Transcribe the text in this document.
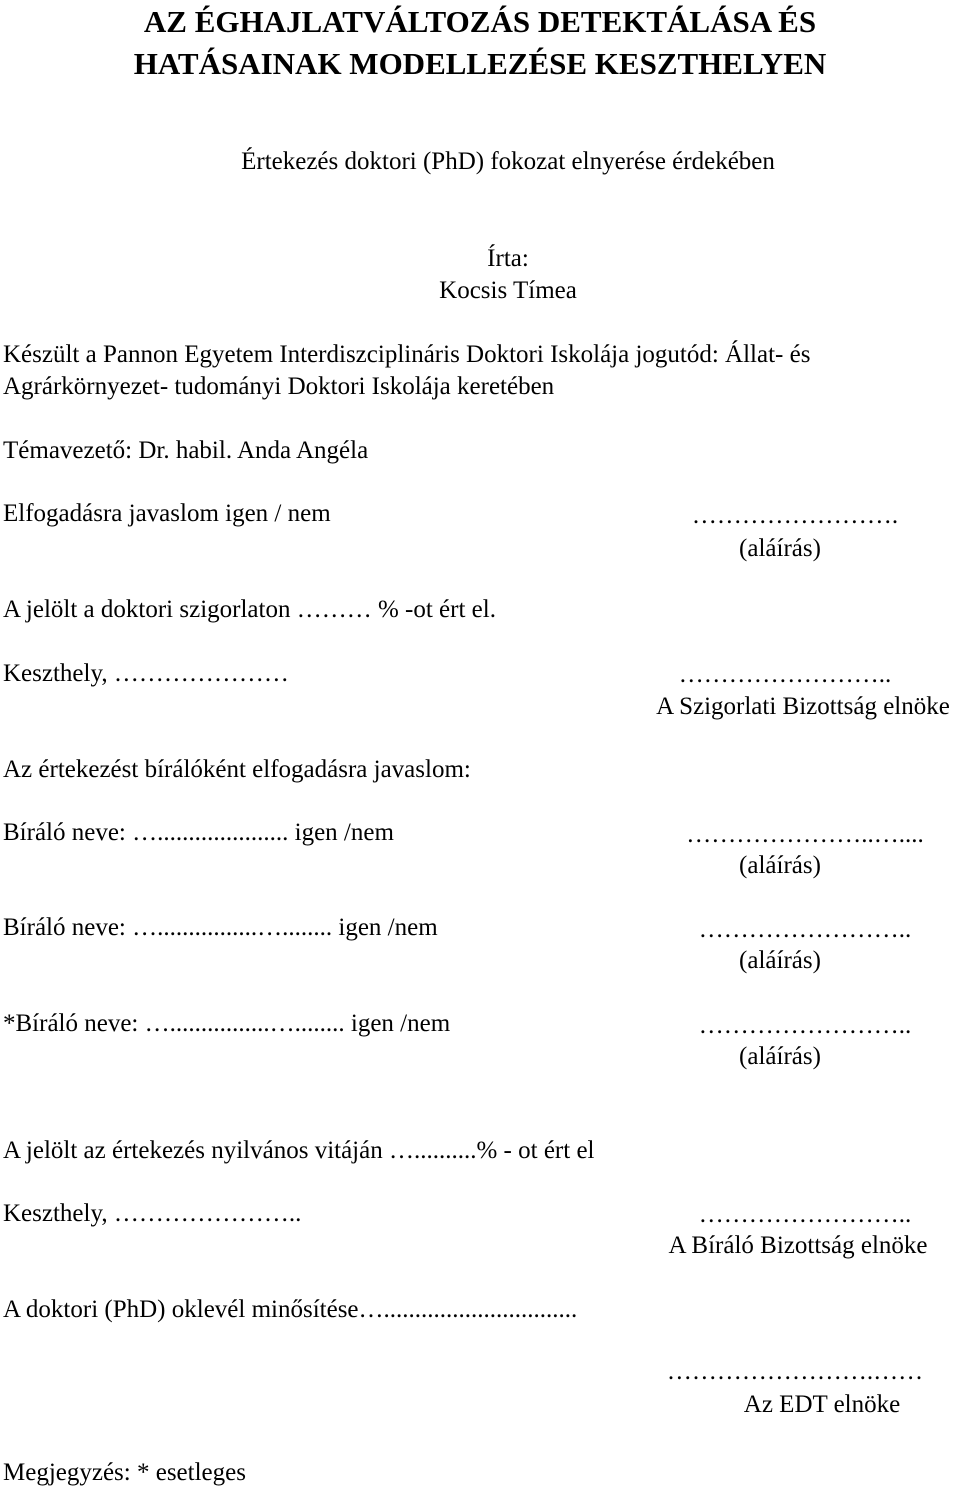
AZ ÉGHAJLATVÁLTOZÁS DETEKTÁLÁSA ÉS
HATÁSAINAK MODELLEZÉSE KESZTHELYEN
Értekezés doktori (PhD) fokozat elnyerése érdekében
Írta:
Kocsis Tímea
Készült a Pannon Egyetem Interdiszciplináris Doktori Iskolája jogutód: Állat- és
Agrárkörnyezet- tudományi Doktori Iskolája keretében
Témavezető: Dr. habil. Anda Angéla
Elfogadásra javaslom igen / nem	…………………….
(aláírás)
A jelölt a doktori szigorlaton ……… % -ot ért el.
Keszthely, …………………	……………………..
A Szigorlati Bizottság elnöke
Az értekezést bírálóként elfogadásra javaslom:
Bíráló neve: …..................... igen /nem	…………………..…....
(aláírás)
Bíráló neve: …................…........ igen /nem	……………………..
(aláírás)
*Bíráló neve: …................…........ igen /nem	……………………..
(aláírás)
A jelölt az értekezés nyilvános vitáján …..........% - ot ért el
Keszthely, …………………..	……………………..
A Bíráló Bizottság elnöke
A doktori (PhD) oklevél minősítése…...............................
…………………….……
Az EDT elnöke
Megjegyzés: * esetleges
